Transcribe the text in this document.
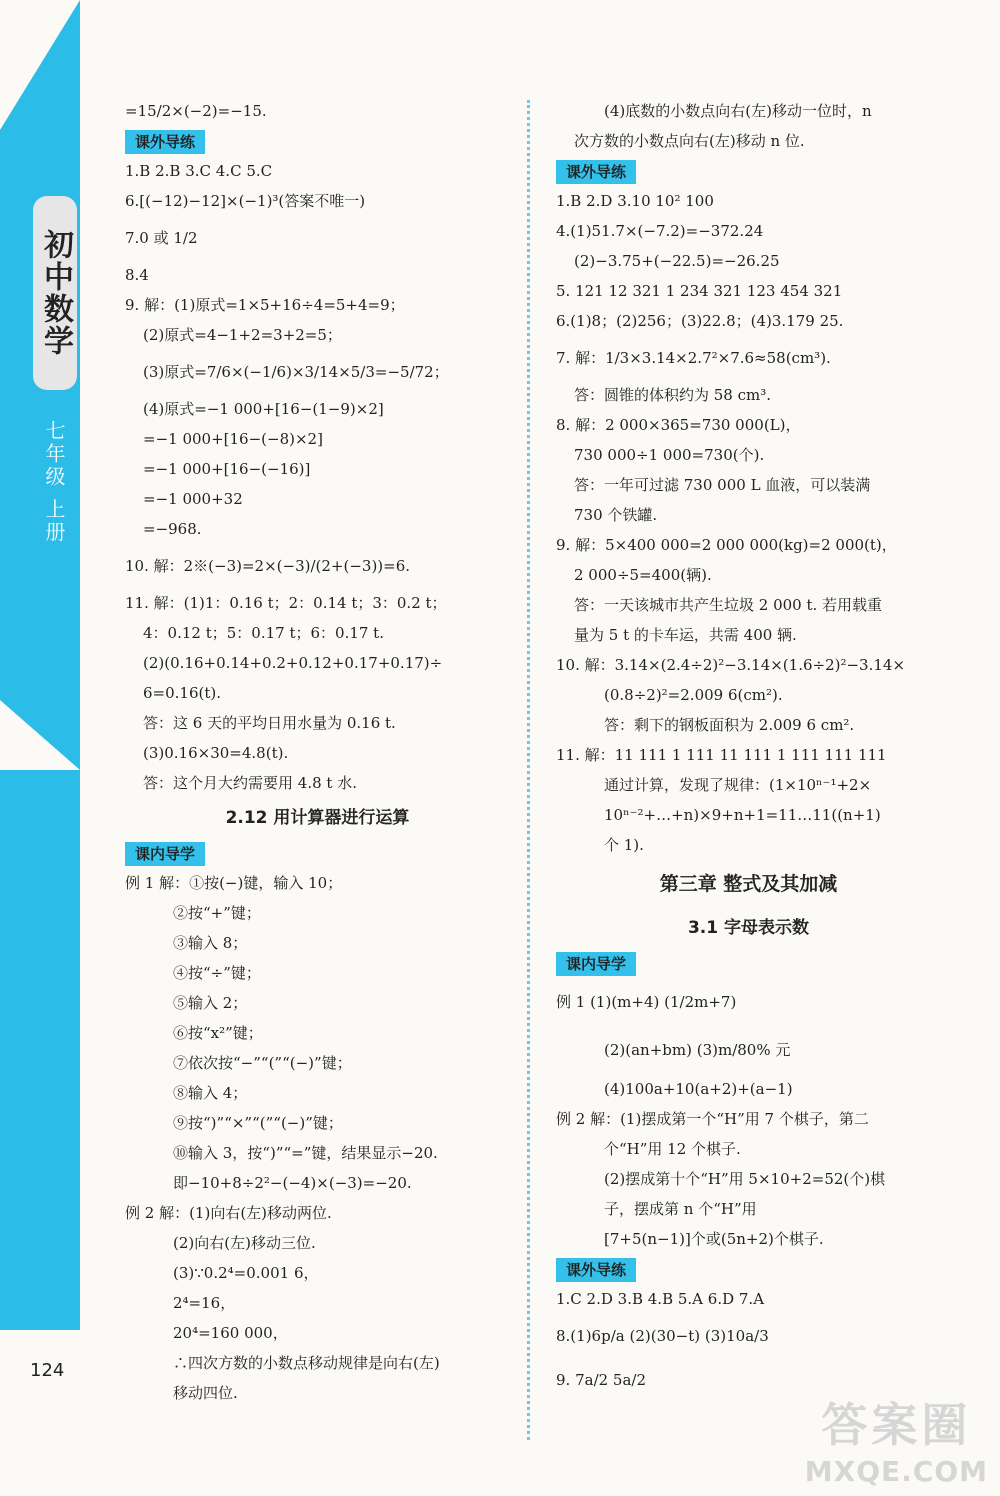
初中数学
七年级 上册
124
=15/2×(−2)=−15.
课外导练
1.B 2.B 3.C 4.C 5.C
6.[(−12)−12]×(−1)³(答案不唯一)
7.0 或 1/2
8.4
9. 解：(1)原式=1×5+16÷4=5+4=9；
(2)原式=4−1+2=3+2=5；
(3)原式=7/6×(−1/6)×3/14×5/3=−5/72；
(4)原式=−1 000+[16−(1−9)×2]
=−1 000+[16−(−8)×2]
=−1 000+[16−(−16)]
=−1 000+32
=−968.
10. 解：2※(−3)=2×(−3)/(2+(−3))=6.
11. 解：(1)1：0.16 t；2：0.14 t；3：0.2 t；
4：0.12 t；5：0.17 t；6：0.17 t.
(2)(0.16+0.14+0.2+0.12+0.17+0.17)÷
6=0.16(t).
答：这 6 天的平均日用水量为 0.16 t.
(3)0.16×30=4.8(t).
答：这个月大约需要用 4.8 t 水.
2.12 用计算器进行运算
课内导学
例 1 解：①按(−)键，输入 10；
②按“+”键；
③输入 8；
④按“÷”键；
⑤输入 2；
⑥按“x²”键；
⑦依次按“−”“(”“(−)”键；
⑧输入 4；
⑨按“)”“×”“(”“(−)”键；
⑩输入 3，按“)”“=”键，结果显示−20.
即−10+8÷2²−(−4)×(−3)=−20.
例 2 解：(1)向右(左)移动两位.
(2)向右(左)移动三位.
(3)∵0.2⁴=0.001 6，
2⁴=16，
20⁴=160 000，
∴四次方数的小数点移动规律是向右(左)
移动四位.
(4)底数的小数点向右(左)移动一位时，n
次方数的小数点向右(左)移动 n 位.
课外导练
1.B 2.D 3.10 10² 100
4.(1)51.7×(−7.2)=−372.24
(2)−3.75+(−22.5)=−26.25
5. 121 12 321 1 234 321 123 454 321
6.(1)8；(2)256；(3)22.8；(4)3.179 25.
7. 解：1/3×3.14×2.7²×7.6≈58(cm³).
答：圆锥的体积约为 58 cm³.
8. 解：2 000×365=730 000(L)，
730 000÷1 000=730(个).
答：一年可过滤 730 000 L 血液，可以装满
730 个铁罐.
9. 解：5×400 000=2 000 000(kg)=2 000(t)，
2 000÷5=400(辆).
答：一天该城市共产生垃圾 2 000 t. 若用载重
量为 5 t 的卡车运，共需 400 辆.
10. 解：3.14×(2.4÷2)²−3.14×(1.6÷2)²−3.14×
(0.8÷2)²=2.009 6(cm²).
答：剩下的钢板面积为 2.009 6 cm².
11. 解：11 111 1 111 11 111 1 111 111 111
通过计算，发现了规律：(1×10ⁿ⁻¹+2×
10ⁿ⁻²+…+n)×9+n+1=11…11((n+1)
个 1).
第三章 整式及其加减
3.1 字母表示数
课内导学
例 1 (1)(m+4) (1/2m+7)
(2)(an+bm) (3)m/80% 元
(4)100a+10(a+2)+(a−1)
例 2 解：(1)摆成第一个“H”用 7 个棋子，第二
个“H”用 12 个棋子.
(2)摆成第十个“H”用 5×10+2=52(个)棋
子，摆成第 n 个“H”用
[7+5(n−1)]个或(5n+2)个棋子.
课外导练
1.C 2.D 3.B 4.B 5.A 6.D 7.A
8.(1)6p/a (2)(30−t) (3)10a/3
9. 7a/2 5a/2
答案圈
MXQE.COM
